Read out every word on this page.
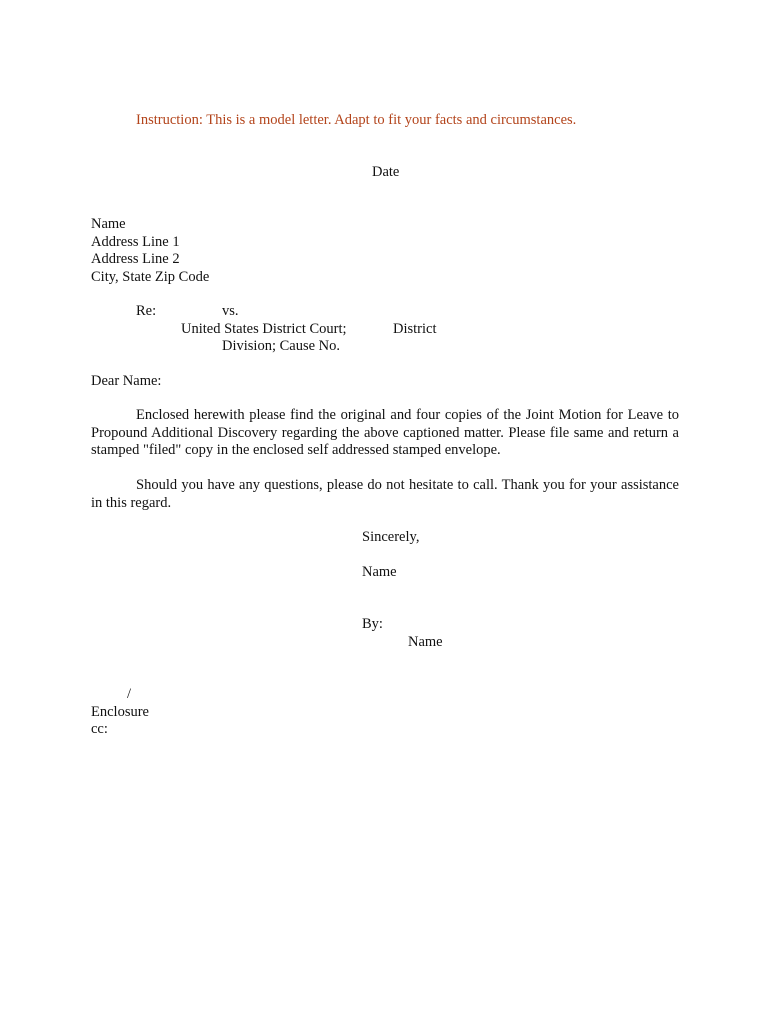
Instruction: This is a model letter. Adapt to fit your facts and circumstances.
Date
Name
Address Line 1
Address Line 2
City, State Zip Code
Re:	vs.
United States District Court;	District
Division; Cause No.
Dear Name:
Enclosed herewith please find the original and four copies of the Joint Motion for Leave to Propound Additional Discovery regarding the above captioned matter. Please file same and return a stamped "filed" copy in the enclosed self addressed stamped envelope.
Should you have any questions, please do not hesitate to call. Thank you for your assistance in this regard.
Sincerely,
Name
By:
Name
/
Enclosure
cc:
